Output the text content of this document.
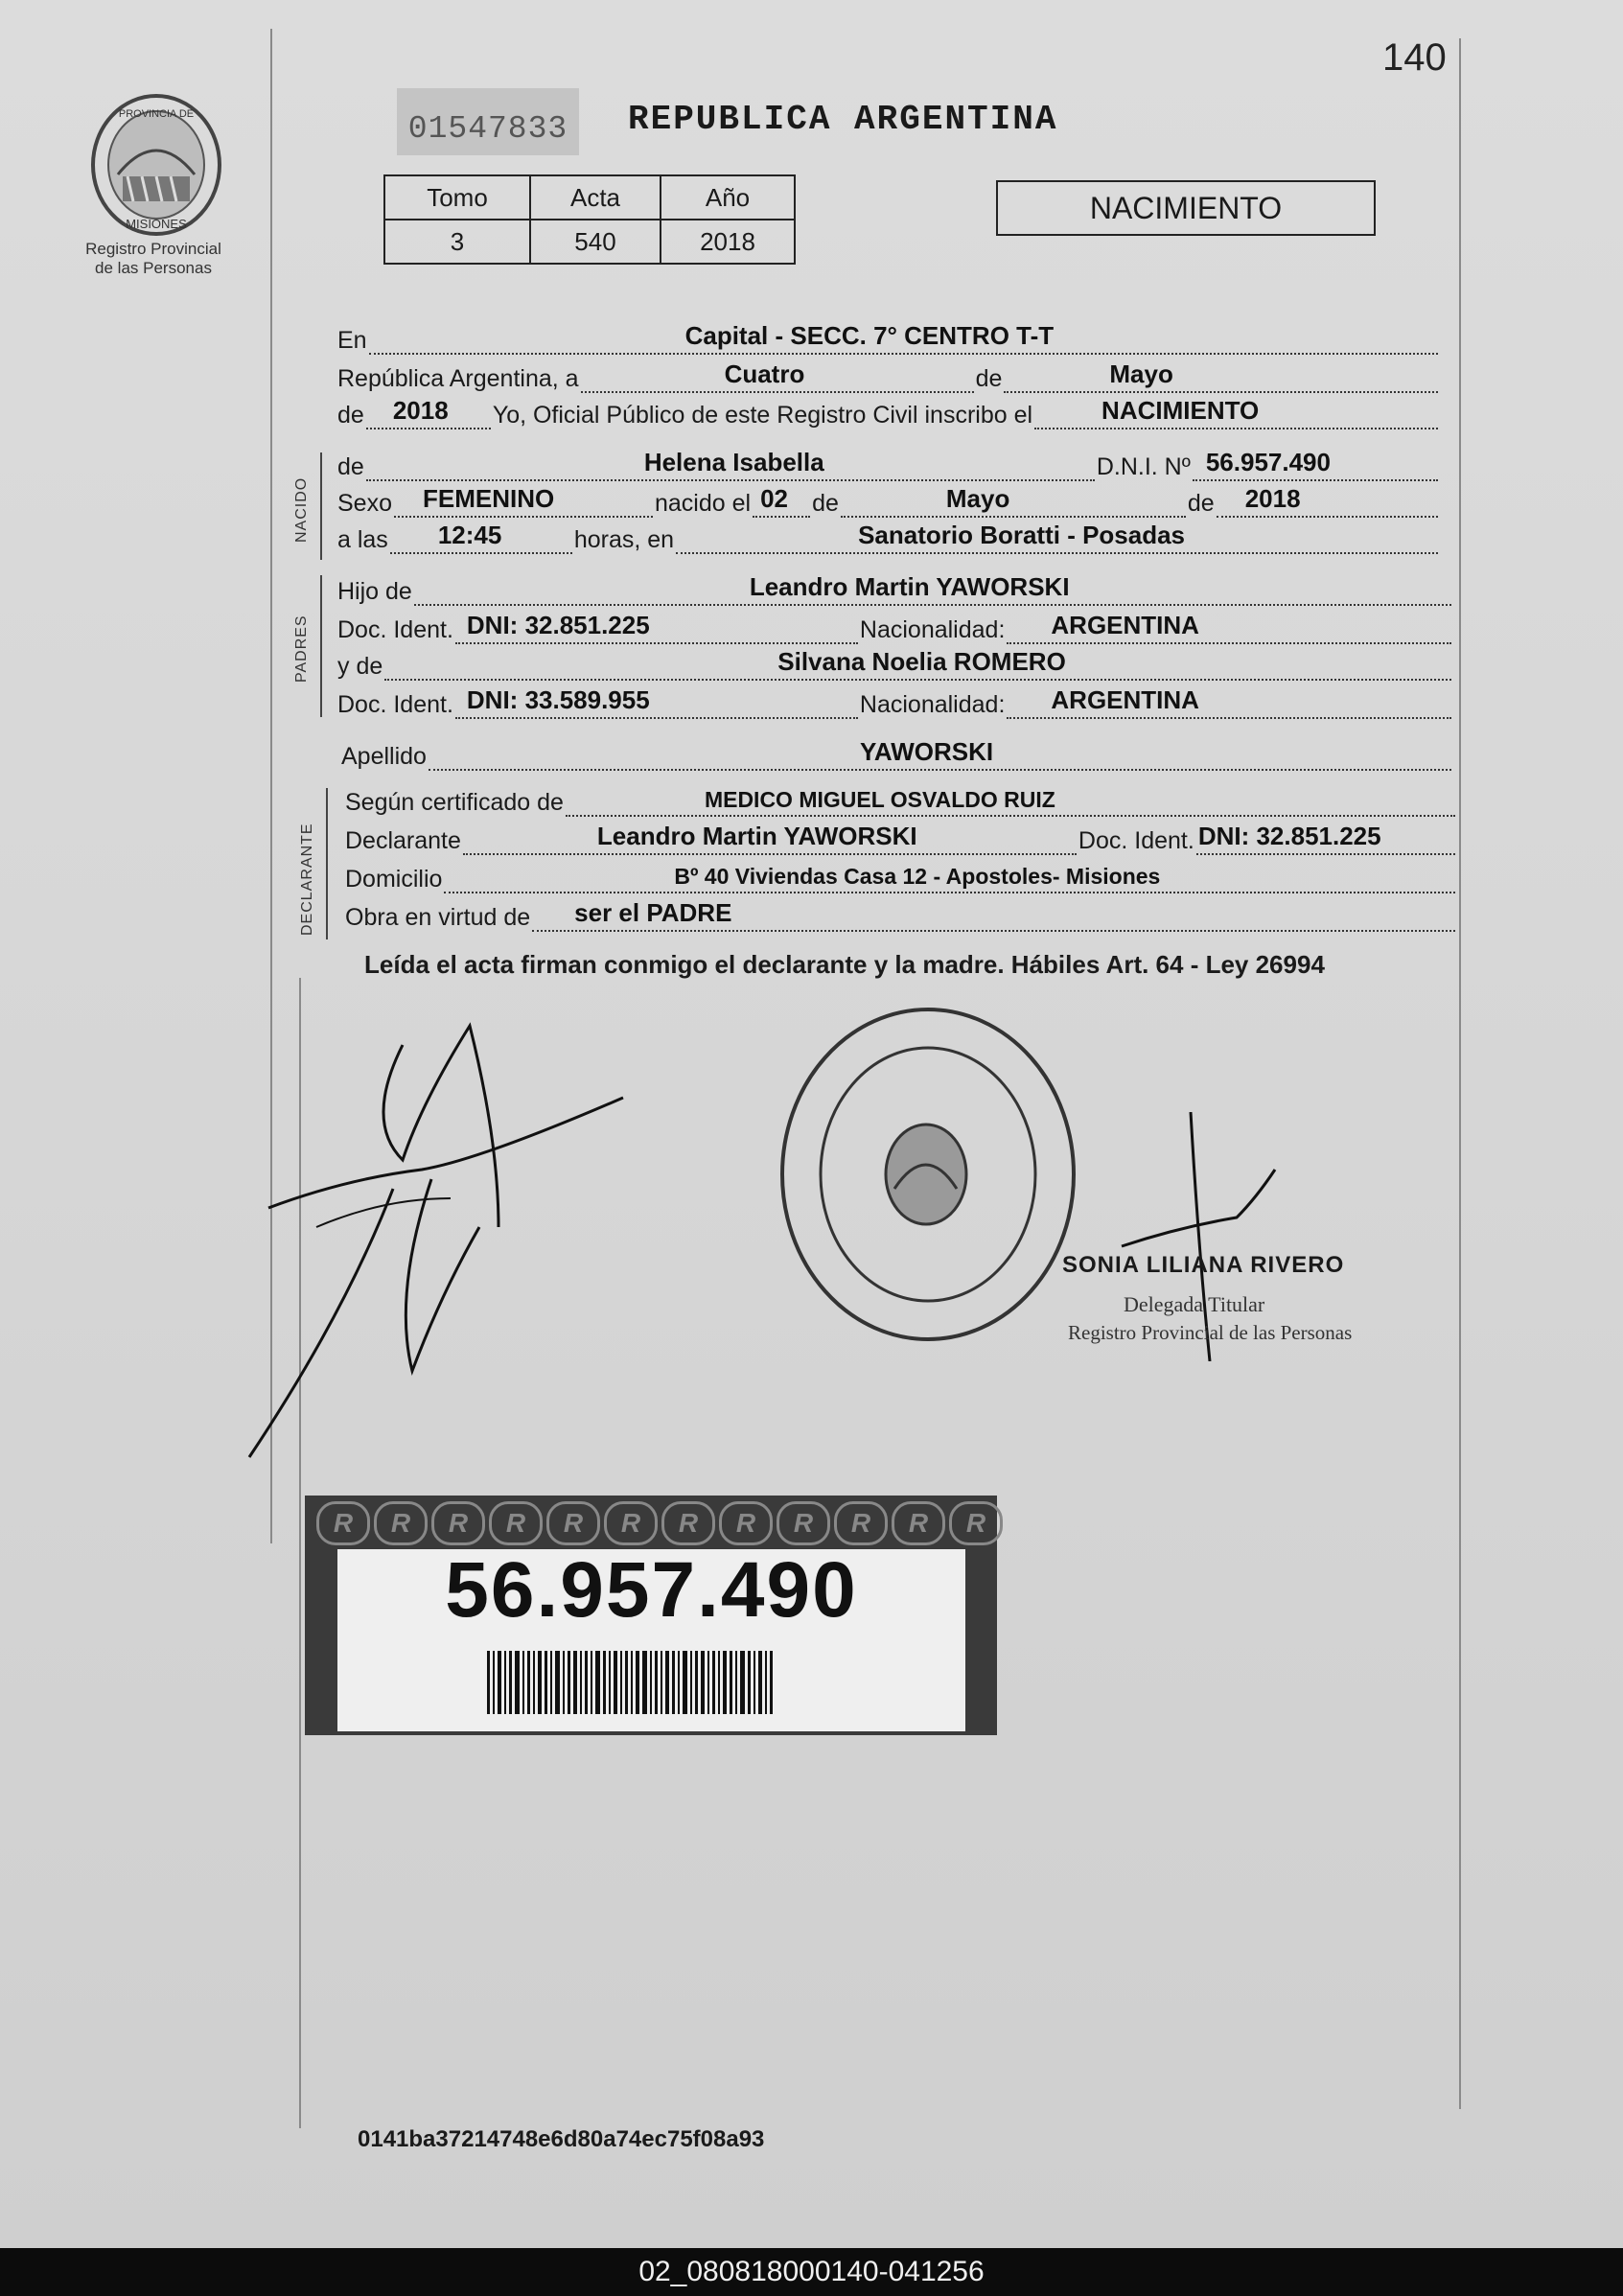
140
PROVINCIA DE
MISIONES
Registro Provincial
de las Personas
01547833	REPUBLICA ARGENTINA
Tomo	Acta	Año
3	540	2018
NACIMIENTO
En	Capital - SECC. 7° CENTRO T-T
República Argentina, a	Cuatro	de	Mayo
de 2018 Yo, Oficial Público de este Registro Civil inscribo el	NACIMIENTO
NACIDO
de	Helena Isabella	D.N.I. Nº 56.957.490
Sexo FEMENINO	nacido el 02 de	Mayo	de 2018
a las 12:45	horas, en	Sanatorio Boratti - Posadas
PADRES
Hijo de	Leandro Martin YAWORSKI
Doc. Ident. DNI: 32.851.225	Nacionalidad: ARGENTINA
y de	Silvana Noelia ROMERO
Doc. Ident. DNI: 33.589.955	Nacionalidad: ARGENTINA
Apellido	YAWORSKI
DECLARANTE
Según certificado de	MEDICO MIGUEL OSVALDO RUIZ
Declarante	Leandro Martin YAWORSKI	Doc. Ident. DNI: 32.851.225
Domicilio	Bº 40 Viviendas Casa 12 - Apostoles- Misiones
Obra en virtud de ser el PADRE
Leída el acta firman conmigo el declarante y la madre. Hábiles Art. 64 - Ley 26994
SONIA LILIANA RIVERO
Delegada Titular
Registro Provincial de las Personas
R	R	R	R	R	R	R	R	R	R	R	R
56.957.490
0141ba37214748e6d80a74ec75f08a93
02_080818000140-041256
